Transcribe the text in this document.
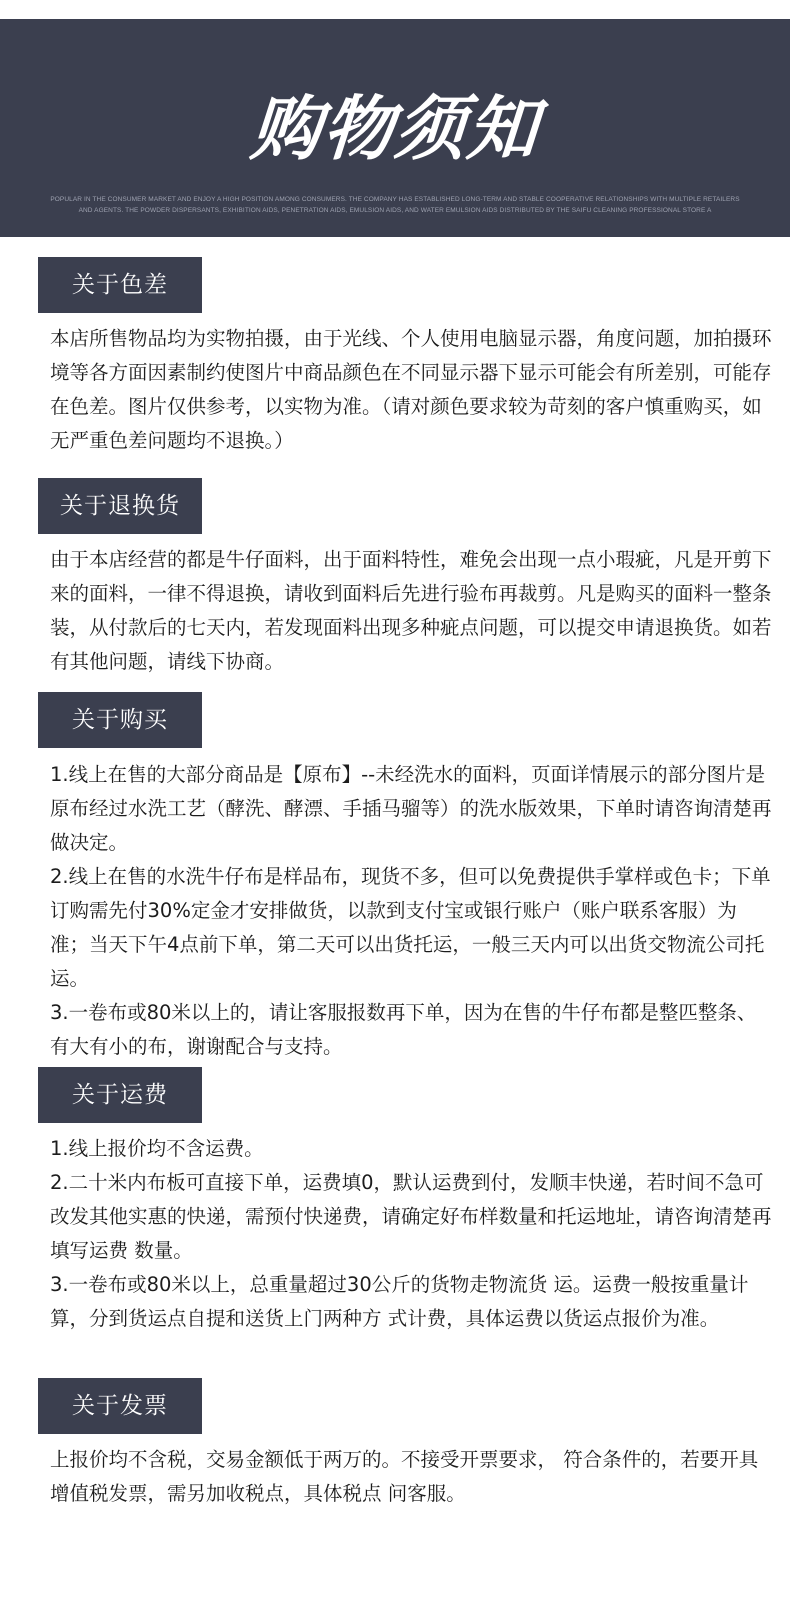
购物须知
POPULAR IN THE CONSUMER MARKET AND ENJOY A HIGH POSITION AMONG CONSUMERS. THE COMPANY HAS ESTABLISHED LONG-TERM AND STABLE COOPERATIVE RELATIONSHIPS WITH MULTIPLE RETAILERS AND AGENTS. THE POWDER DISPERSANTS, EXHIBITION AIDS, PENETRATION AIDS, EMULSION AIDS, AND WATER EMULSION AIDS DISTRIBUTED BY THE SAIFU CLEANING PROFESSIONAL STORE A
关于色差

本店所售物品均为实物拍摄，由于光线、个人使用电脑显示器，角度问题，加拍摄环境等各方面因素制约使图片中商品颜色在不同显示器下显示可能会有所差别，可能存在色差。图片仅供参考，以实物为准。（请对颜色要求较为苛刻的客户慎重购买，如无严重色差问题均不退换。）

关于退换货

由于本店经营的都是牛仔面料，出于面料特性，难免会出现一点小瑕疵，凡是开剪下来的面料，一律不得退换，请收到面料后先进行验布再裁剪。凡是购买的面料一整条装，从付款后的七天内，若发现面料出现多种疵点问题，可以提交申请退换货。如若有其他问题，请线下协商。

关于购买

1.线上在售的大部分商品是【原布】--未经洗水的面料，页面详情展示的部分图片是原布经过水洗工艺（酵洗、酵漂、手插马骝等）的洗水版效果，下单时请咨询清楚再做决定。

2.线上在售的水洗牛仔布是样品布，现货不多，但可以免费提供手掌样或色卡；下单订购需先付30%定金才安排做货，以款到支付宝或银行账户（账户联系客服）为准；当天下午4点前下单，第二天可以出货托运，一般三天内可以出货交物流公司托运。

3.一卷布或80米以上的，请让客服报数再下单，因为在售的牛仔布都是整匹整条、有大有小的布，谢谢配合与支持。

关于运费

1.线上报价均不含运费。

2.二十米内布板可直接下单，运费填0，默认运费到付，发顺丰快递，若时间不急可改发其他实惠的快递，需预付快递费，请确定好布样数量和托运地址，请咨询清楚再填写运费 数量。

3.一卷布或80米以上，总重量超过30公斤的货物走物流货 运。运费一般按重量计算，分到货运点自提和送货上门两种方 式计费，具体运费以货运点报价为准。

关于发票

上报价均不含税，交易金额低于两万的。不接受开票要求， 符合条件的，若要开具增值税发票，需另加收税点，具体税点 问客服。
